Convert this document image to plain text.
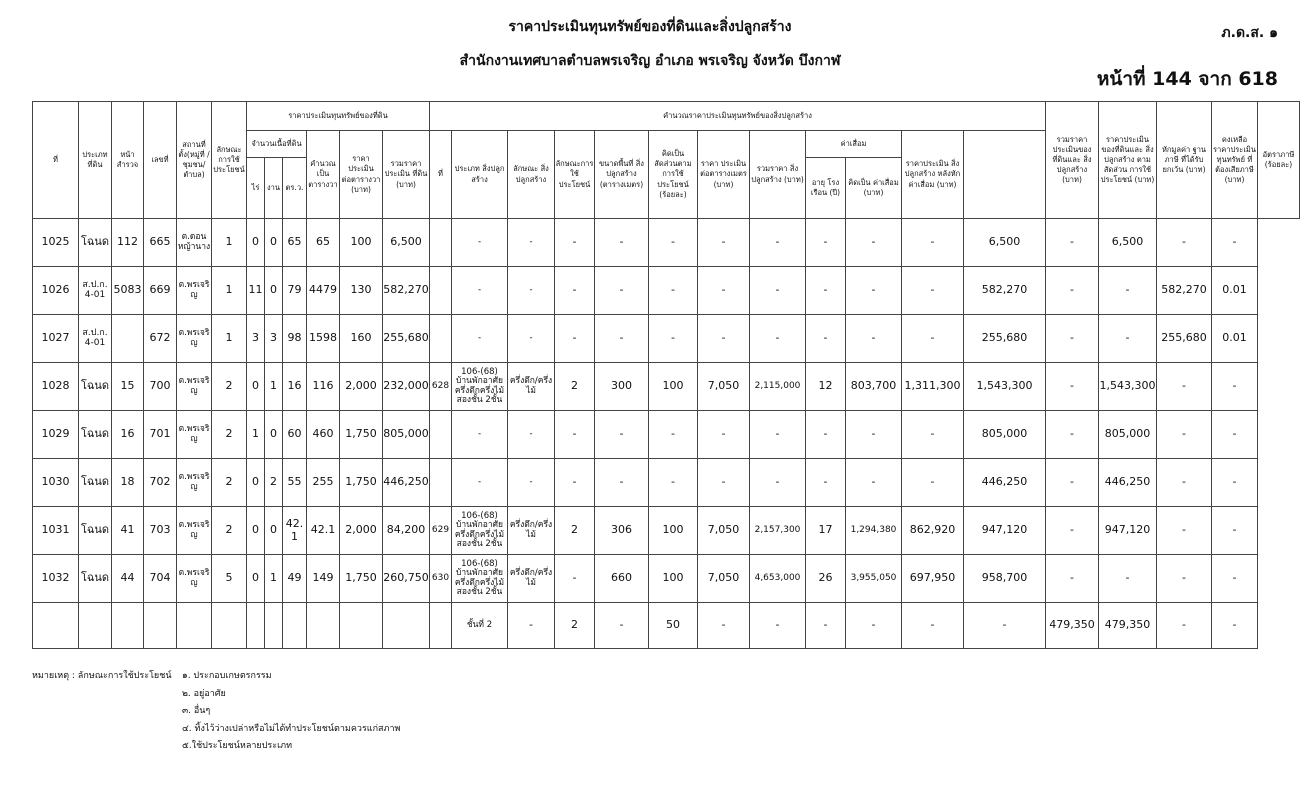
ราคาประเมินทุนทรัพย์ของที่ดินและสิ่งปลูกสร้าง
สำนักงานเทศบาลตำบลพรเจริญ อำเภอ พรเจริญ จังหวัด บึงกาฬ
ภ.ด.ส. ๑
หน้าที่ 144 จาก 618
ที่	ประเภท ที่ดิน	หน้า สำรวจ	เลขที่	สถานที่ ตั้ง(หมู่ที่ /ชุมชน/ ตำบล)	ลักษณะ การใช้ ประโยชน์	ราคาประเมินทุนทรัพย์ของที่ดิน						คำนวณราคาประเมินทุนทรัพย์ของสิ่งปลูกสร้าง												รวมราคา ประเมินของ ที่ดินและ สิ่งปลูกสร้าง (บาท)	ราคาประเมิน ของที่ดินและ สิ่งปลูกสร้าง ตามสัดส่วน การใช้ประโยชน์ (บาท)	หักมูลค่า ฐานภาษี ที่ได้รับ ยกเว้น (บาท)	คงเหลือ ราคาประเมิน ทุนทรัพย์ ที่ต้องเสียภาษี (บาท)	อัตราภาษี (ร้อยละ)
						จำนวนเนื้อที่ดิน			คำนวณ เป็น ตารางวา	ราคา ประเมิน ต่อตารางวา (บาท)	รวมราคา ประเมิน ที่ดิน (บาท)	ที่	ประเภท สิ่งปลูกสร้าง	ลักษณะ สิ่งปลูกสร้าง	ลักษณะการ ใช้ประโยชน์	ขนาดพื้นที่ สิ่งปลูกสร้าง (ตารางเมตร)	คิดเป็น สัดส่วนตาม การใช้ ประโยชน์ (ร้อยละ)	ราคา ประเมิน ต่อตารางเมตร (บาท)	รวมราคา สิ่งปลูกสร้าง (บาท)	ค่าเสื่อม		ราคาประเมิน สิ่งปลูกสร้าง หลังหัก ค่าเสื่อม (บาท)						
						ไร่	งาน	ตร.ว.												อายุ โรงเรือน (ปี)	คิดเป็น ค่าเสื่อม (บาท)							
1025	โฉนด	112	665	ต.ดอนหญ้านาง	1	0	0	65	65	100	6,500		-	-	-	-	-	-	-	-	-	-	6,500	-	6,500	-	-	
1026	ส.ป.ก. 4-01	5083	669	ต.พรเจริญ	1	11	0	79	4479	130	582,270		-	-	-	-	-	-	-	-	-	-	582,270	-	-	582,270	0.01	
1027	ส.ป.ก. 4-01		672	ต.พรเจริญ	1	3	3	98	1598	160	255,680		-	-	-	-	-	-	-	-	-	-	255,680	-	-	255,680	0.01	
1028	โฉนด	15	700	ต.พรเจริญ	2	0	1	16	116	2,000	232,000	628	106-(68) บ้านพักอาศัยครึ่งตึกครึ่งไม้สองชั้น 2ชั้น	ครึ่งตึก/ครึ่งไม้	2	300	100	7,050	2,115,000	12	803,700	1,311,300	1,543,300	-	1,543,300	-	-	
1029	โฉนด	16	701	ต.พรเจริญ	2	1	0	60	460	1,750	805,000		-	-	-	-	-	-	-	-	-	-	805,000	-	805,000	-	-	
1030	โฉนด	18	702	ต.พรเจริญ	2	0	2	55	255	1,750	446,250		-	-	-	-	-	-	-	-	-	-	446,250	-	446,250	-	-	
1031	โฉนด	41	703	ต.พรเจริญ	2	0	0	42.1	42.1	2,000	84,200	629	106-(68) บ้านพักอาศัยครึ่งตึกครึ่งไม้สองชั้น 2ชั้น	ครึ่งตึก/ครึ่งไม้	2	306	100	7,050	2,157,300	17	1,294,380	862,920	947,120	-	947,120	-	-	
1032	โฉนด	44	704	ต.พรเจริญ	5	0	1	49	149	1,750	260,750	630	106-(68) บ้านพักอาศัยครึ่งตึกครึ่งไม้สองชั้น 2ชั้น	ครึ่งตึก/ครึ่งไม้	-	660	100	7,050	4,653,000	26	3,955,050	697,950	958,700	-	-	-	-	
													ชั้นที่ 2	-	2	-	50	-	-	-	-	-	-	479,350	479,350	-	-	
หมายเหตุ : ลักษณะการใช้ประโยชน์ ๑. ประกอบเกษตรกรรม
๒. อยู่อาศัย
๓. อื่นๆ
๔. ทิ้งไว้ว่างเปล่าหรือไม่ได้ทำประโยชน์ตามควรแก่สภาพ
๕.ใช้ประโยชน์หลายประเภท
